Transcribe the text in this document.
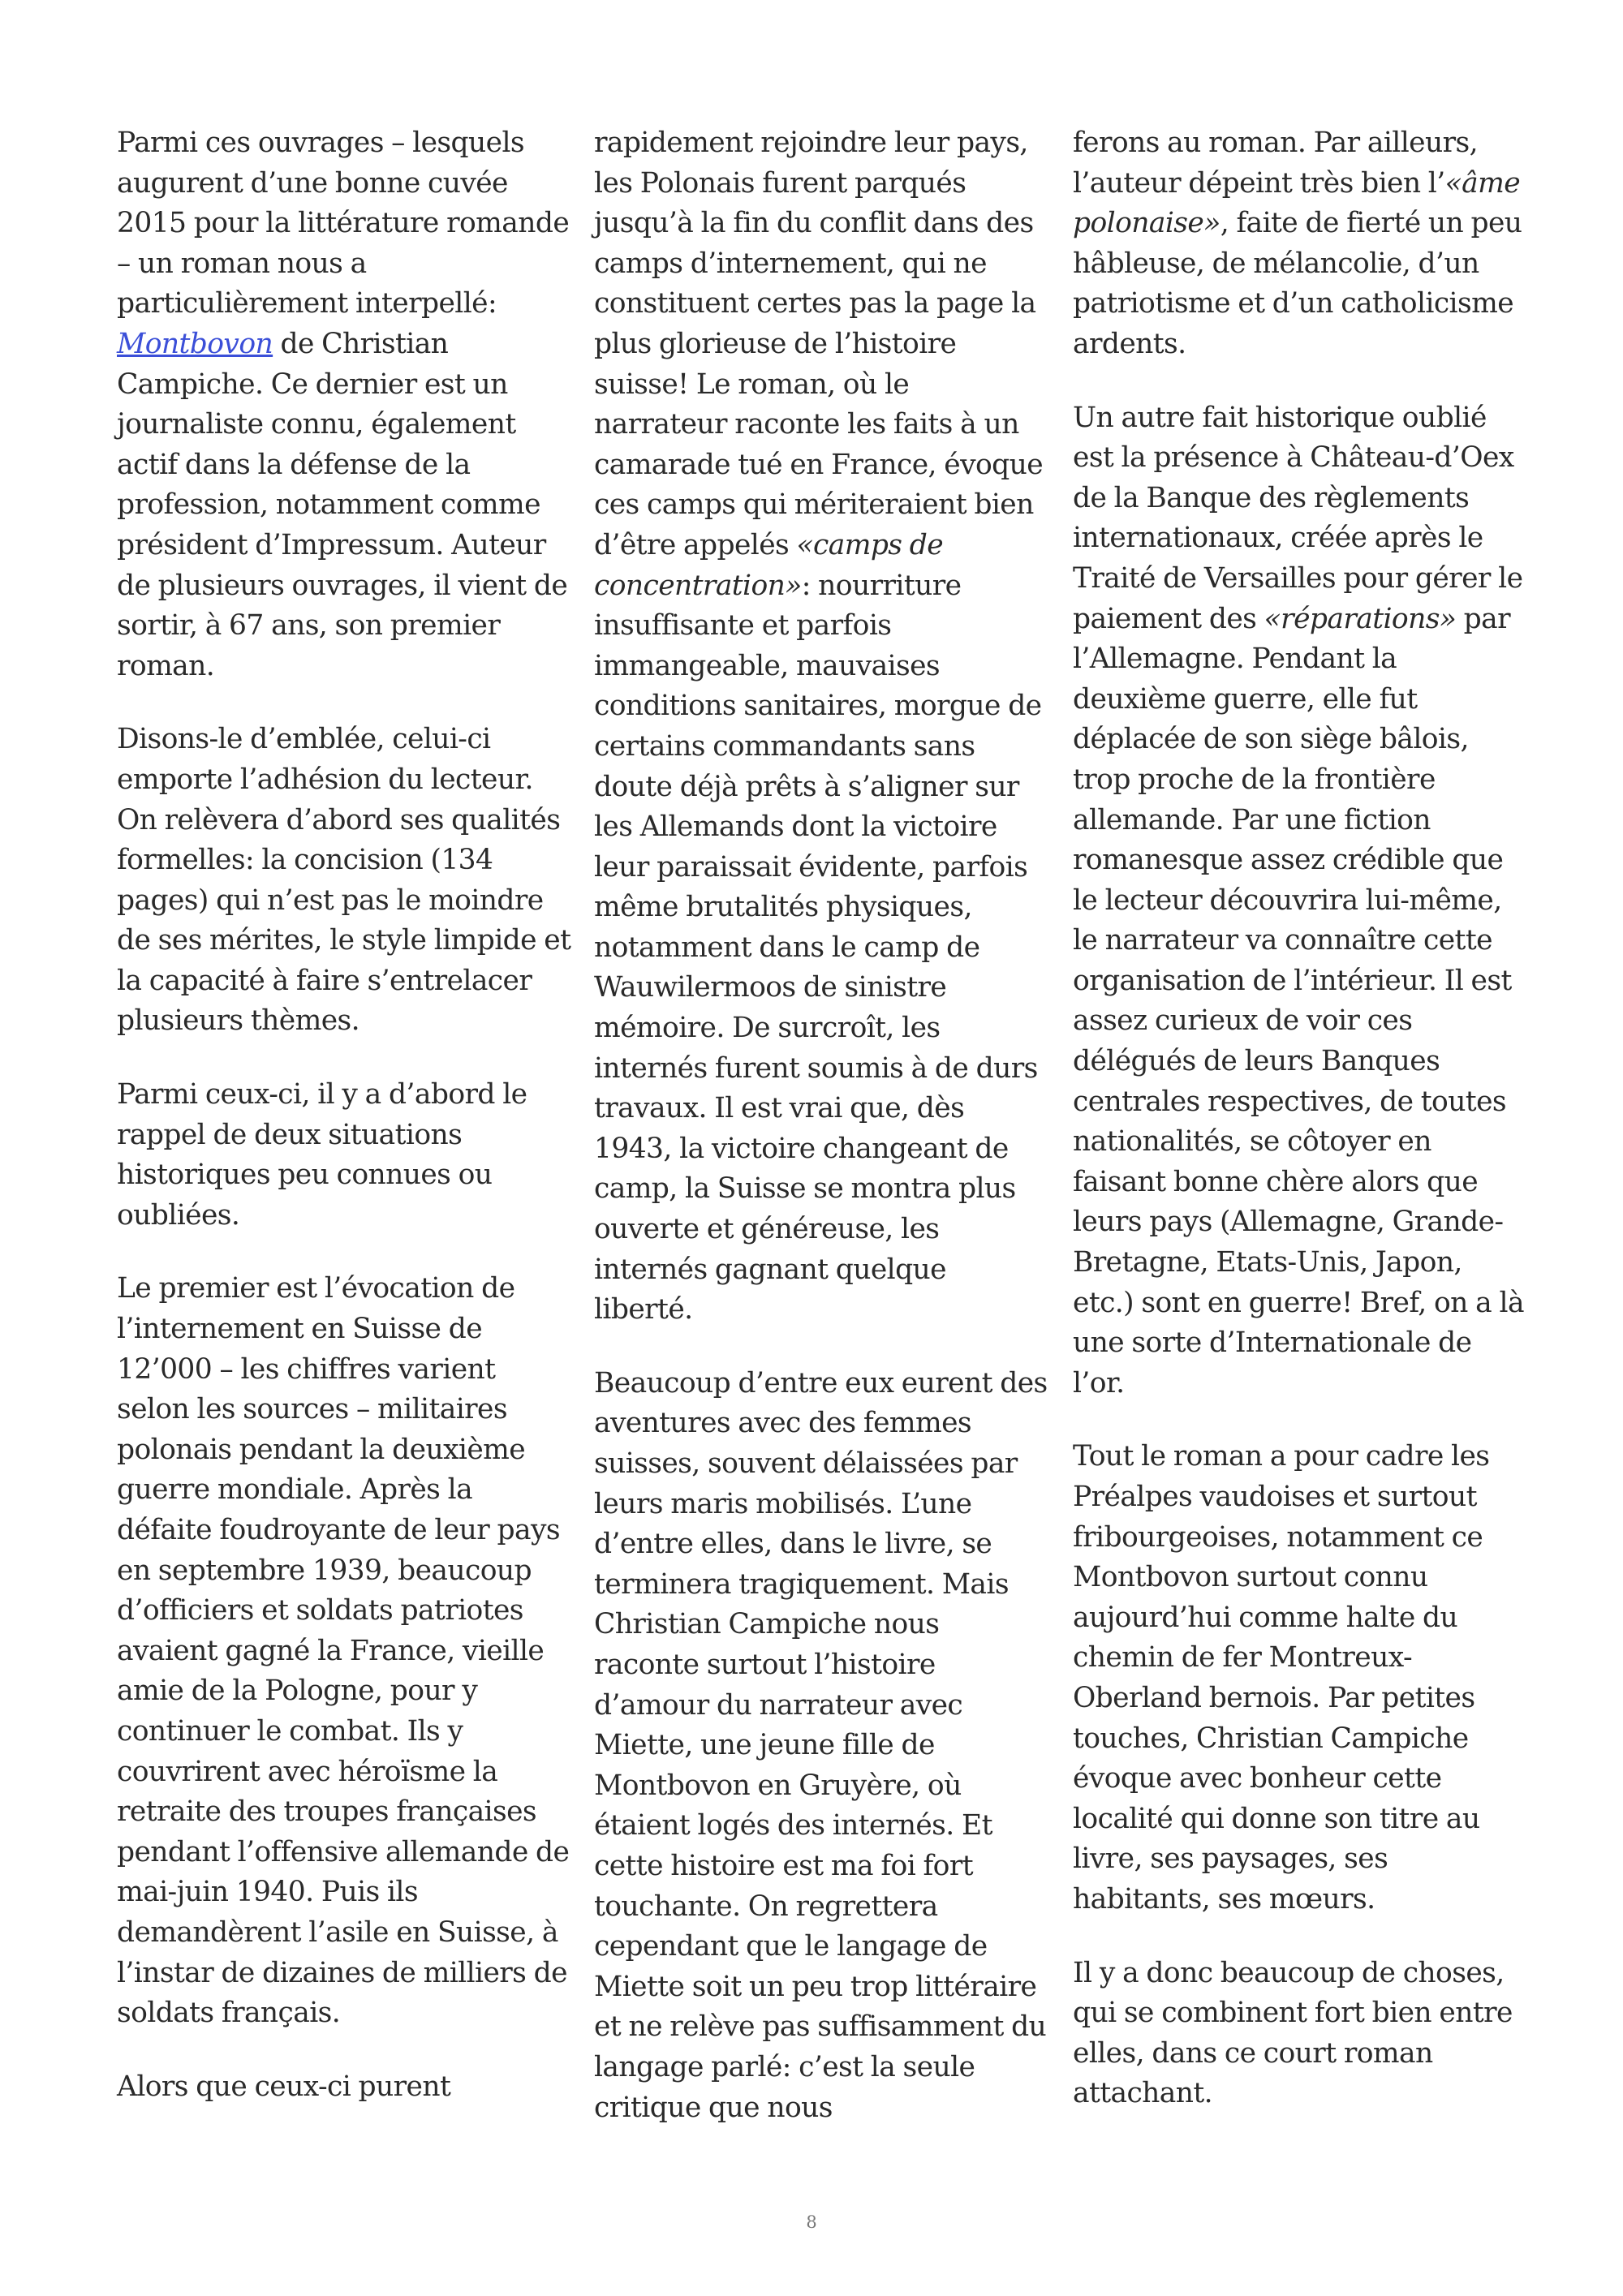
Parmi ces ouvrages – lesquels augurent d’une bonne cuvée 2015 pour la littérature romande – un roman nous a particulièrement interpellé: Montbovon de Christian Campiche. Ce dernier est un journaliste connu, également actif dans la défense de la profession, notamment comme président d’Impressum. Auteur de plusieurs ouvrages, il vient de sortir, à 67 ans, son premier roman.

Disons-le d’emblée, celui-ci emporte l’adhésion du lecteur. On relèvera d’abord ses qualités formelles: la concision (134 pages) qui n’est pas le moindre de ses mérites, le style limpide et la capacité à faire s’entrelacer plusieurs thèmes.

Parmi ceux-ci, il y a d’abord le rappel de deux situations historiques peu connues ou oubliées.

Le premier est l’évocation de l’internement en Suisse de 12’000 – les chiffres varient selon les sources – militaires polonais pendant la deuxième guerre mondiale. Après la défaite foudroyante de leur pays en septembre 1939, beaucoup d’officiers et soldats patriotes avaient gagné la France, vieille amie de la Pologne, pour y continuer le combat. Ils y couvrirent avec héroïsme la retraite des troupes françaises pendant l’offensive allemande de mai-juin 1940. Puis ils demandèrent l’asile en Suisse, à l’instar de dizaines de milliers de soldats français.

Alors que ceux-ci purent

rapidement rejoindre leur pays, les Polonais furent parqués jusqu’à la fin du conflit dans des camps d’internement, qui ne constituent certes pas la page la plus glorieuse de l’histoire suisse! Le roman, où le narrateur raconte les faits à un camarade tué en France, évoque ces camps qui mériteraient bien d’être appelés «camps de concentration»: nourriture insuffisante et parfois immangeable, mauvaises conditions sanitaires, morgue de certains commandants sans doute déjà prêts à s’aligner sur les Allemands dont la victoire leur paraissait évidente, parfois même brutalités physiques, notamment dans le camp de Wauwilermoos de sinistre mémoire. De surcroît, les internés furent soumis à de durs travaux. Il est vrai que, dès 1943, la victoire changeant de camp, la Suisse se montra plus ouverte et généreuse, les internés gagnant quelque liberté.

Beaucoup d’entre eux eurent des aventures avec des femmes suisses, souvent délaissées par leurs maris mobilisés. L’une d’entre elles, dans le livre, se terminera tragiquement. Mais Christian Campiche nous raconte surtout l’histoire d’amour du narrateur avec Miette, une jeune fille de Montbovon en Gruyère, où étaient logés des internés. Et cette histoire est ma foi fort touchante. On regrettera cependant que le langage de Miette soit un peu trop littéraire et ne relève pas suffisamment du langage parlé: c’est la seule critique que nous

ferons au roman. Par ailleurs, l’auteur dépeint très bien l’«âme polonaise», faite de fierté un peu hâbleuse, de mélancolie, d’un patriotisme et d’un catholicisme ardents.

Un autre fait historique oublié est la présence à Château-d’Oex de la Banque des règlements internationaux, créée après le Traité de Versailles pour gérer le paiement des «réparations» par l’Allemagne. Pendant la deuxième guerre, elle fut déplacée de son siège bâlois, trop proche de la frontière allemande. Par une fiction romanesque assez crédible que le lecteur découvrira lui-même, le narrateur va connaître cette organisation de l’intérieur. Il est assez curieux de voir ces délégués de leurs Banques centrales respectives, de toutes nationalités, se côtoyer en faisant bonne chère alors que leurs pays (Allemagne, Grande-Bretagne, Etats-Unis, Japon, etc.) sont en guerre! Bref, on a là une sorte d’Internationale de l’or.

Tout le roman a pour cadre les Préalpes vaudoises et surtout fribourgeoises, notamment ce Montbovon surtout connu aujourd’hui comme halte du chemin de fer Montreux-Oberland bernois. Par petites touches, Christian Campiche évoque avec bonheur cette localité qui donne son titre au livre, ses paysages, ses habitants, ses mœurs.

Il y a donc beaucoup de choses, qui se combinent fort bien entre elles, dans ce court roman attachant.

8
